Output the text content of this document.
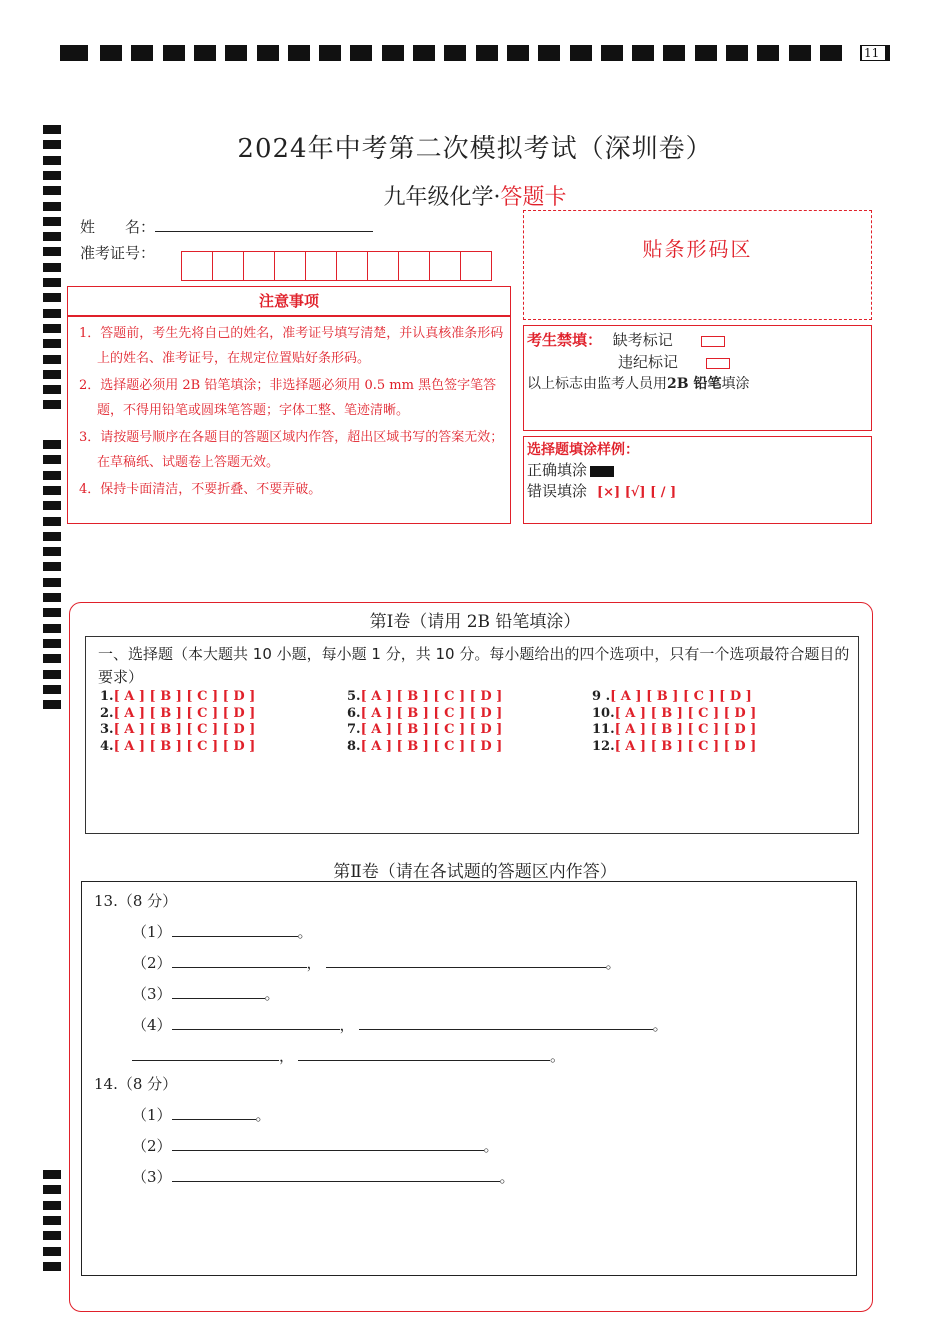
11
2024年中考第二次模拟考试（深圳卷）
九年级化学·答题卡
姓　　名：
准考证号：
注意事项

1．答题前，考生先将自己的姓名，准考证号填写清楚，并认真核准条形码上的姓名、准考证号，在规定位置贴好条形码。

2．选择题必须用 2B 铅笔填涂；非选择题必须用 0.5 mm 黑色签字笔答题，不得用铅笔或圆珠笔答题；字体工整、笔迹清晰。

3．请按题号顺序在各题目的答题区域内作答，超出区域书写的答案无效；在草稿纸、试题卷上答题无效。

4．保持卡面清洁，不要折叠、不要弄破。

贴条形码区
考生禁填： 缺考标记
违纪标记
以上标志由监考人员用2B 铅笔填涂
选择题填涂样例：
正确填涂
错误填涂 [×] [√] [ / ]
第Ⅰ卷（请用 2B 铅笔填涂）
一、选择题（本大题共 10 小题，每小题 1 分，共 10 分。每小题给出的四个选项中，只有一个选项最符合题目的要求）
1.[ A ] [ B ] [ C ] [ D ]
2.[ A ] [ B ] [ C ] [ D ]
3.[ A ] [ B ] [ C ] [ D ]
4.[ A ] [ B ] [ C ] [ D ]
5.[ A ] [ B ] [ C ] [ D ]
6.[ A ] [ B ] [ C ] [ D ]
7.[ A ] [ B ] [ C ] [ D ]
8.[ A ] [ B ] [ C ] [ D ]
9 .[ A ] [ B ] [ C ] [ D ]
10.[ A ] [ B ] [ C ] [ D ]
11.[ A ] [ B ] [ C ] [ D ]
12.[ A ] [ B ] [ C ] [ D ]
第Ⅱ卷（请在各试题的答题区内作答）
13.（8 分）
（1）	。
（2）	，	。
（3）	。
（4）	，	。
，	。
14.（8 分）
（1）	。
（2）	。
（3）	。
